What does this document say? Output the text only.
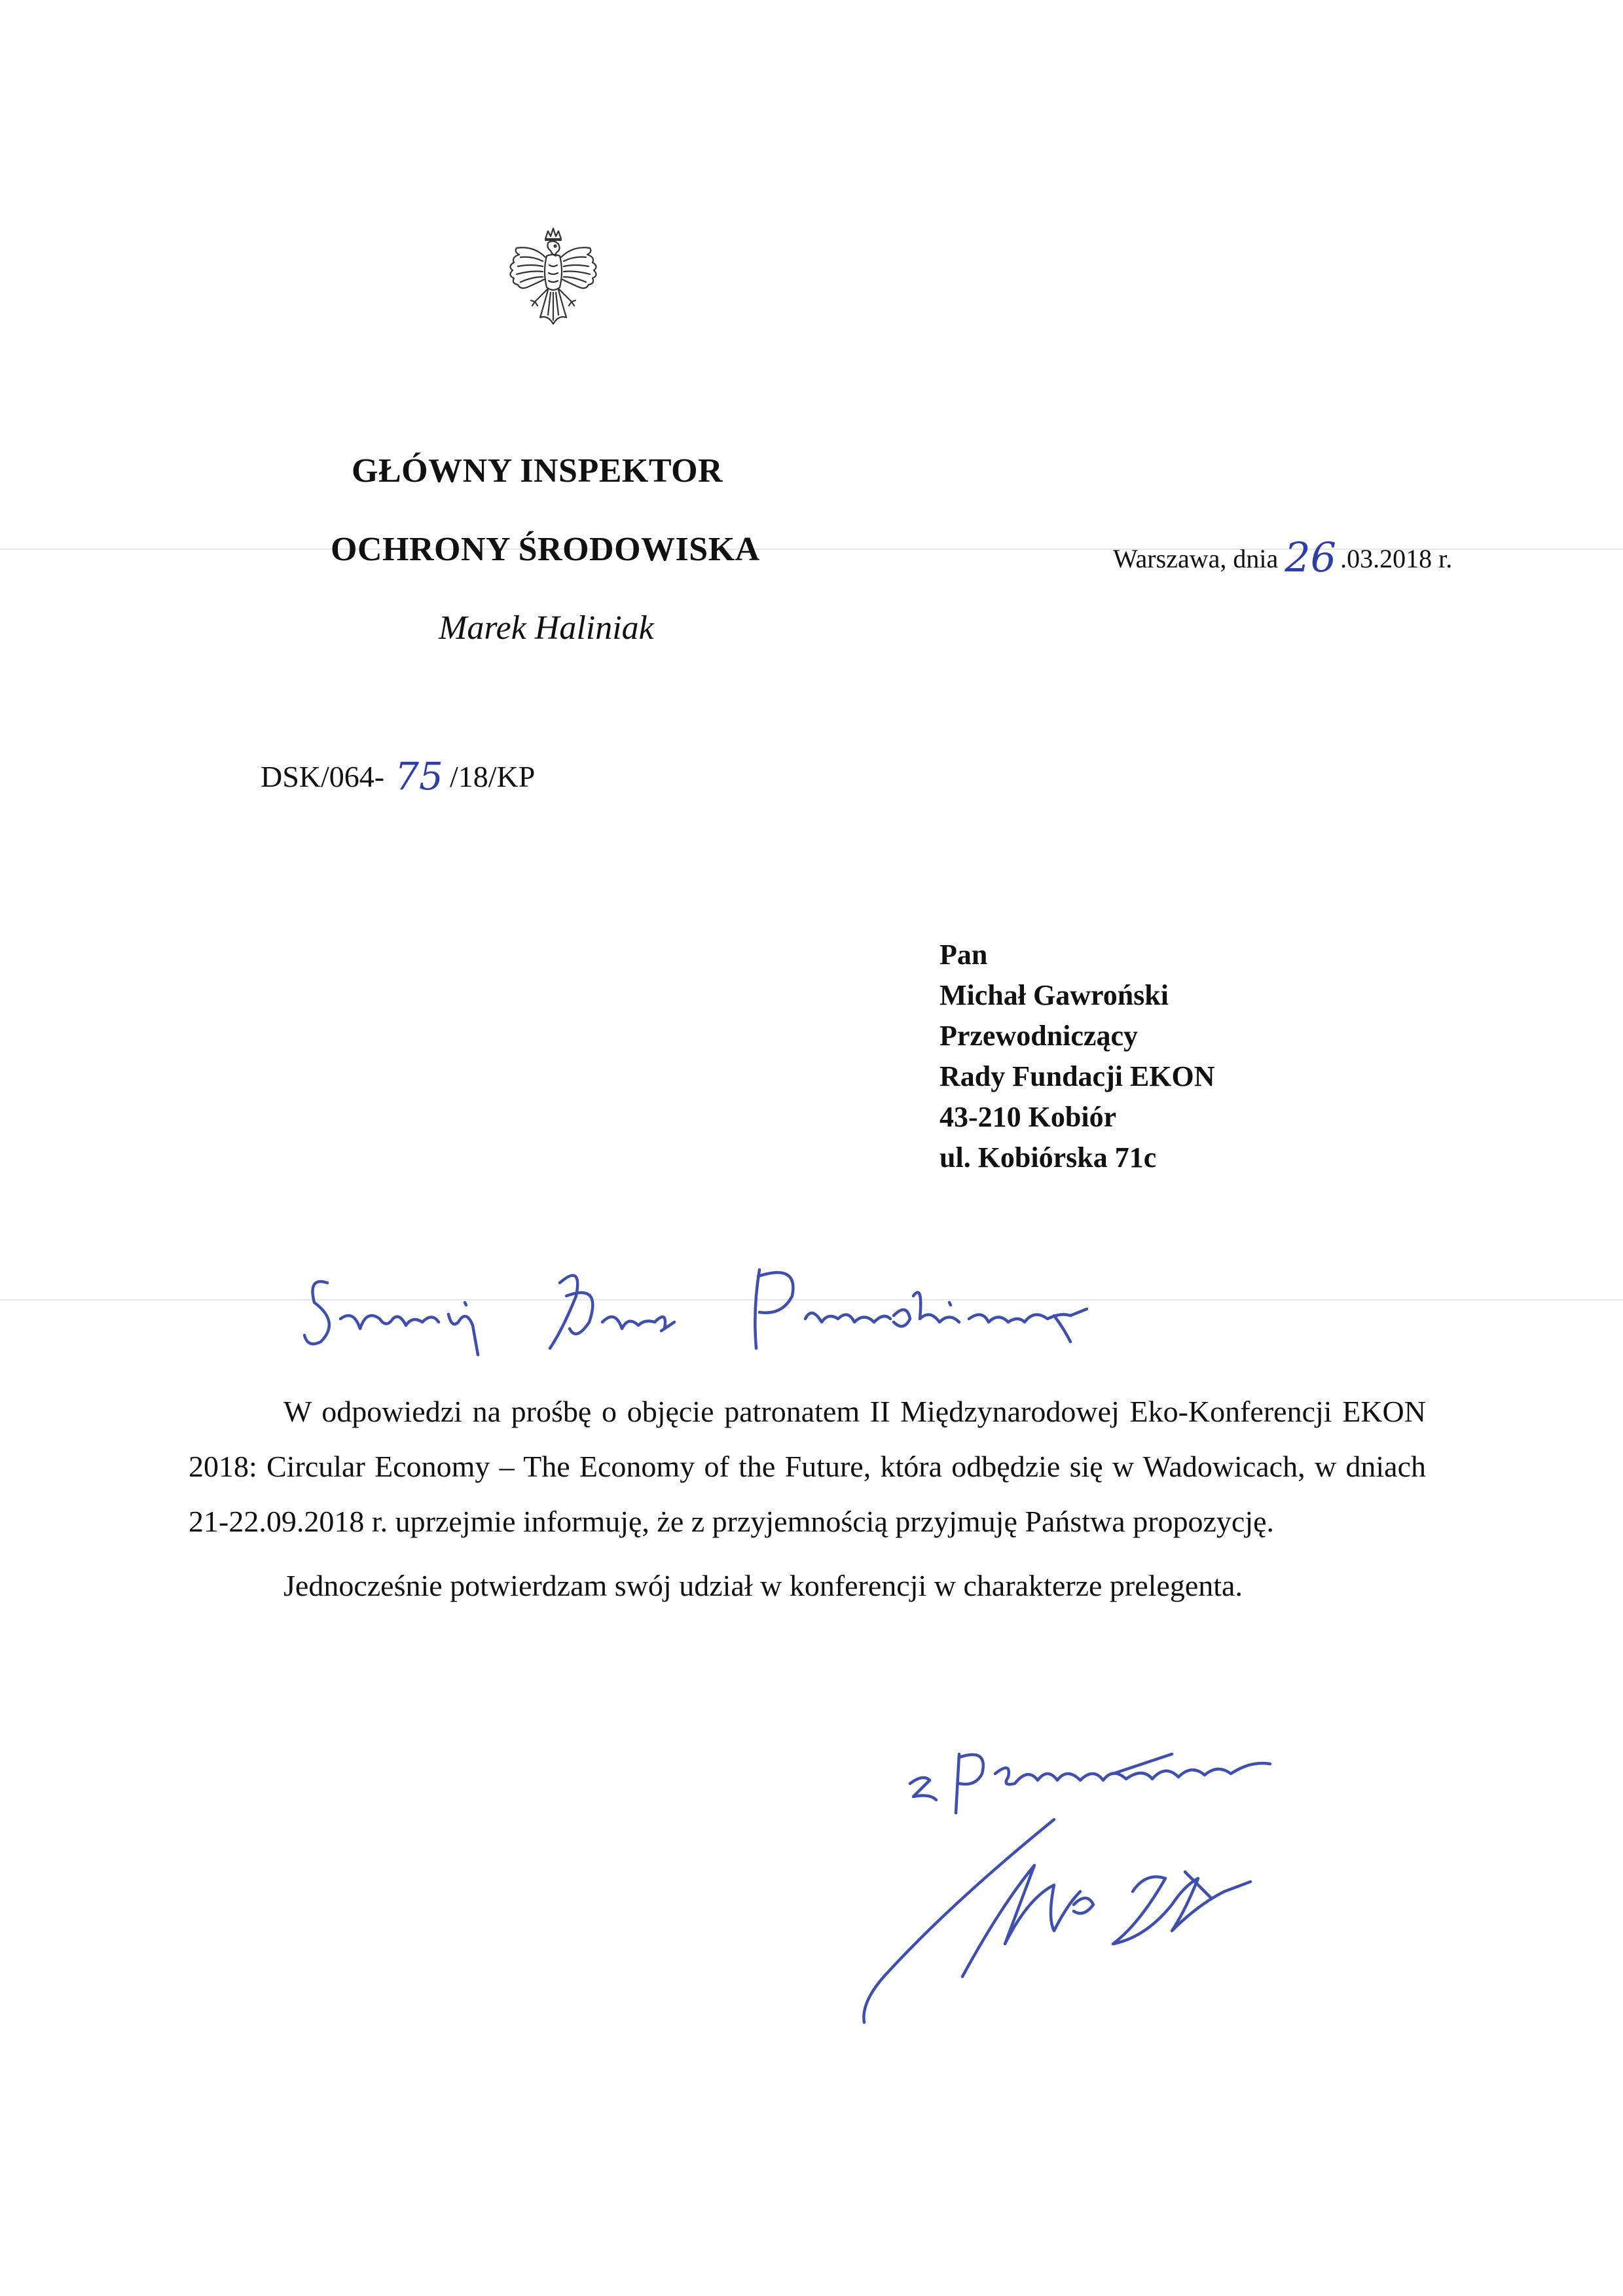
GŁÓWNY INSPEKTOR
OCHRONY ŚRODOWISKA
Marek Haliniak
Warszawa, dnia 26 .03.2018 r.
DSK/064- 75 /18/KP
Pan
Michał Gawroński
Przewodniczący
Rady Fundacji EKON
43-210 Kobiór
ul. Kobiórska 71c

W odpowiedzi na prośbę o objęcie patronatem II Międzynarodowej Eko-Konferencji EKON 2018: Circular Economy – The Economy of the Future, która odbędzie się w Wadowicach, w dniach 21-22.09.2018 r. uprzejmie informuję, że z przyjemnością przyjmuję Państwa propozycję.

Jednocześnie potwierdzam swój udział w konferencji w charakterze prelegenta.
